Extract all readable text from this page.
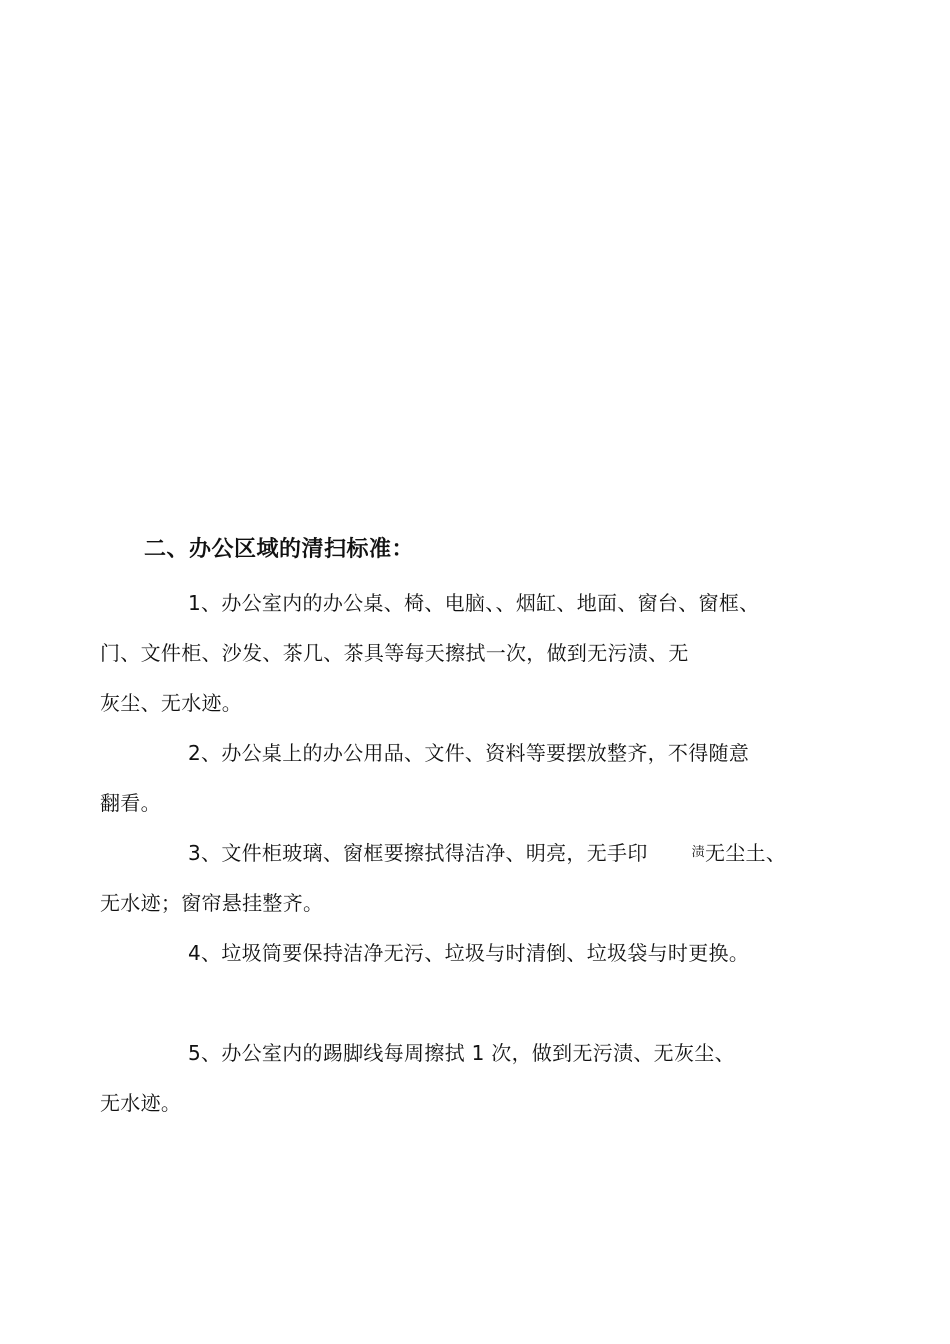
二、办公区域的清扫标准：

1、办公室内的办公桌、椅、电脑、、烟缸、地面、窗台、窗框、
门、文件柜、沙发、茶几、茶具等每天擦拭一次，做到无污渍、无
灰尘、无水迹。

2、办公桌上的办公用品、文件、资料等要摆放整齐，不得随意
翻看。

3、文件柜玻璃、窗框要擦拭得洁净、明亮，无手印	渍无尘土、
无水迹；窗帘悬挂整齐。

4、垃圾筒要保持洁净无污、垃圾与时清倒、垃圾袋与时更换。

5、办公室内的踢脚线每周擦拭 1 次，做到无污渍、无灰尘、
无水迹。
